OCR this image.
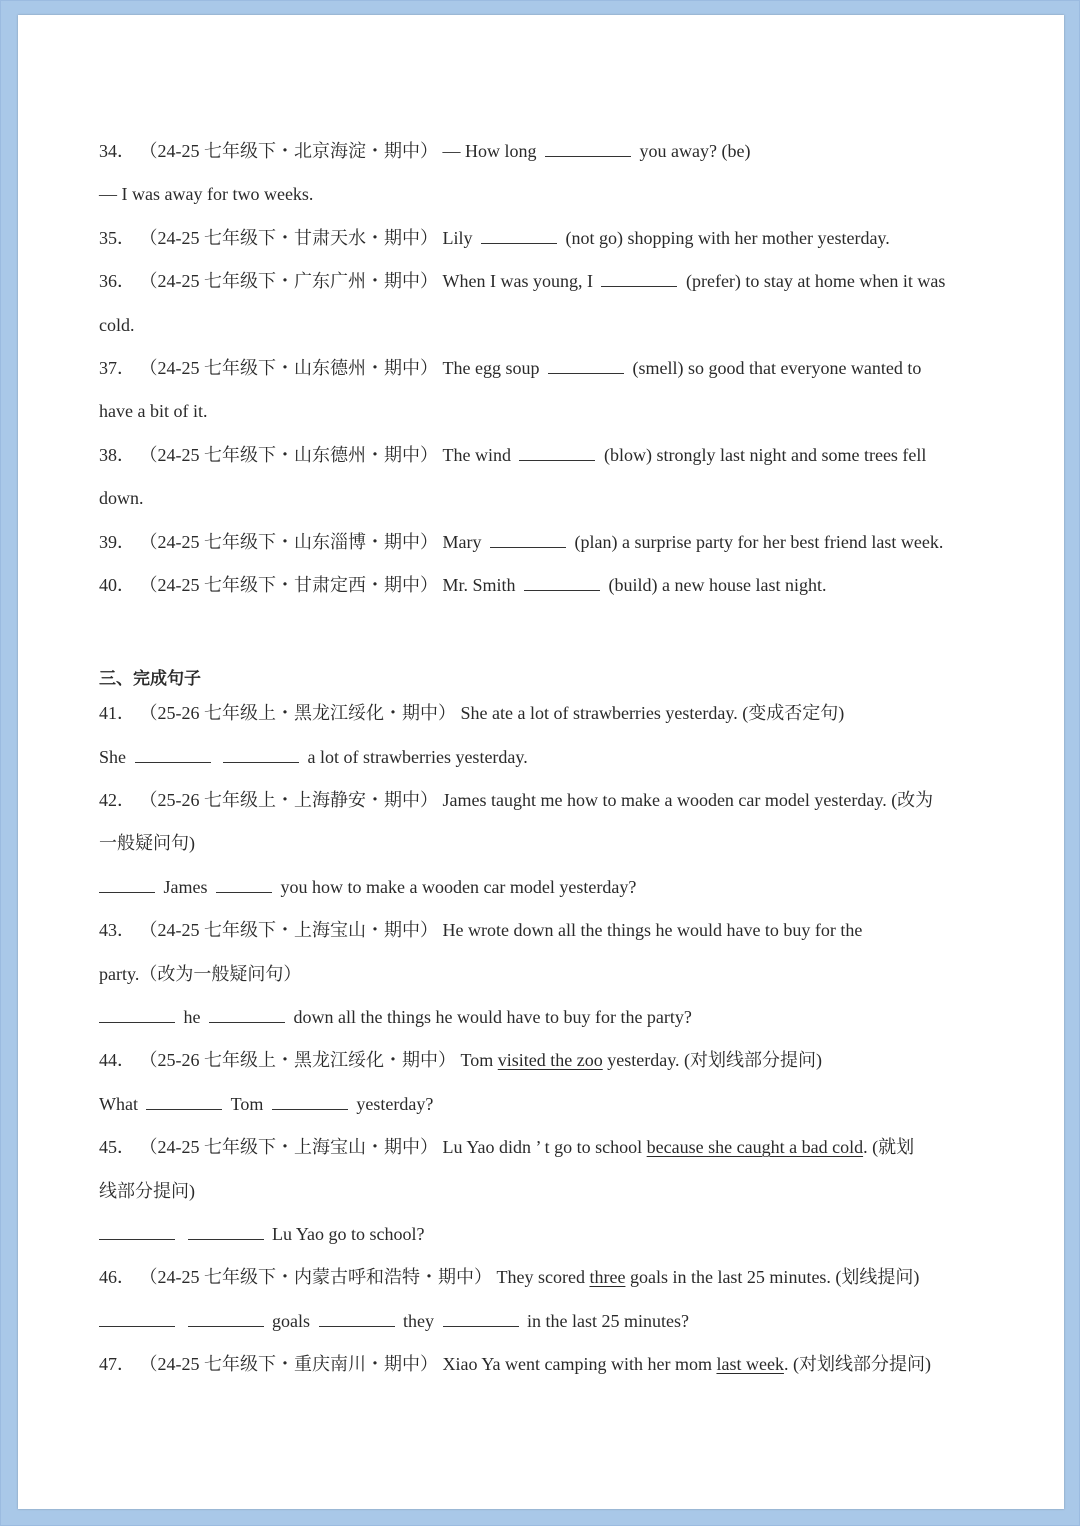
34． （24-25 七年级下・北京海淀・期中） — How long	you away? (be)
— I was away for two weeks.
35． （24-25 七年级下・甘肃天水・期中） Lily	(not go) shopping with her mother yesterday.
36． （24-25 七年级下・广东广州・期中） When I was young, I	(prefer) to stay at home when it was
cold.
37． （24-25 七年级下・山东德州・期中） The egg soup	(smell) so good that everyone wanted to
have a bit of it.
38． （24-25 七年级下・山东德州・期中） The wind	(blow) strongly last night and some trees fell
down.
39． （24-25 七年级下・山东淄博・期中） Mary	(plan) a surprise party for her best friend last week.
40． （24-25 七年级下・甘肃定西・期中） Mr. Smith	(build) a new house last night.
三、完成句子
41． （25-26 七年级上・黑龙江绥化・期中） She ate a lot of strawberries yesterday. (变成否定句)
She	a lot of strawberries yesterday.
42． （25-26 七年级上・上海静安・期中） James taught me how to make a wooden car model yesterday. (改为
一般疑问句)
James	you how to make a wooden car model yesterday?
43． （24-25 七年级下・上海宝山・期中） He wrote down all the things he would have to buy for the
party.（改为一般疑问句）
he	down all the things he would have to buy for the party?
44． （25-26 七年级上・黑龙江绥化・期中） Tom visited the zoo yesterday. (对划线部分提问)
What	Tom	yesterday?
45． （24-25 七年级下・上海宝山・期中） Lu Yao didn ’ t go to school because she caught a bad cold. (就划
线部分提问)
Lu Yao go to school?
46． （24-25 七年级下・内蒙古呼和浩特・期中） They scored three goals in the last 25 minutes. (划线提问)
goals	they	in the last 25 minutes?
47． （24-25 七年级下・重庆南川・期中） Xiao Ya went camping with her mom last week. (对划线部分提问)
